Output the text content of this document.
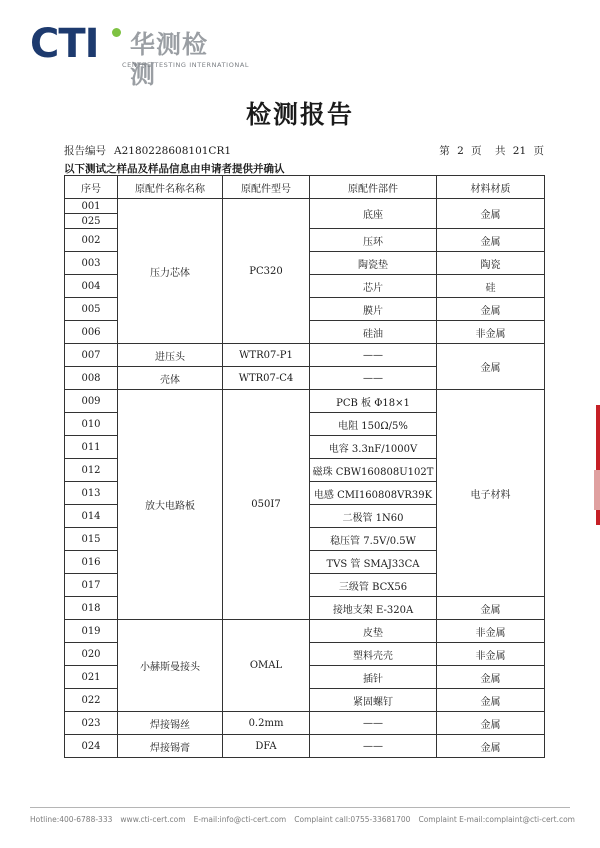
CTI 华测检测
CENTRE TESTING INTERNATIONAL
检测报告
报告编号 A2180228608101CR1	第 2 页 共 21 页
以下测试之样品及样品信息由申请者提供并确认
序号	原配件名称名称	原配件型号	原配件部件	材料材质
001	压力芯体	PC320	底座	金属
025				
002			压环	金属
003			陶瓷垫	陶瓷
004			芯片	硅
005			膜片	金属
006			硅油	非金属
007	进压头	WTR07-P1	——	金属
008	壳体	WTR07-C4	——	
009	放大电路板	050I7	PCB 板 Φ18×1	电子材料
010			电阻 150Ω/5%	
011			电容 3.3nF/1000V	
012			磁珠 CBW160808U102T	
013			电感 CMI160808VR39K	
014			二极管 1N60	
015			稳压管 7.5V/0.5W	
016			TVS 管 SMAJ33CA	
017			三级管 BCX56	
018			接地支架 E-320A	金属
019	小赫斯曼接头	OMAL	皮垫	非金属
020			塑料壳壳	非金属
021			插针	金属
022			紧固螺钉	金属
023	焊接锡丝	0.2mm	——	金属
024	焊接锡膏	DFA	——	金属
Hotline:400-6788-333 www.cti-cert.com E-mail:info@cti-cert.com Complaint call:0755-33681700 Complaint E-mail:complaint@cti-cert.com
